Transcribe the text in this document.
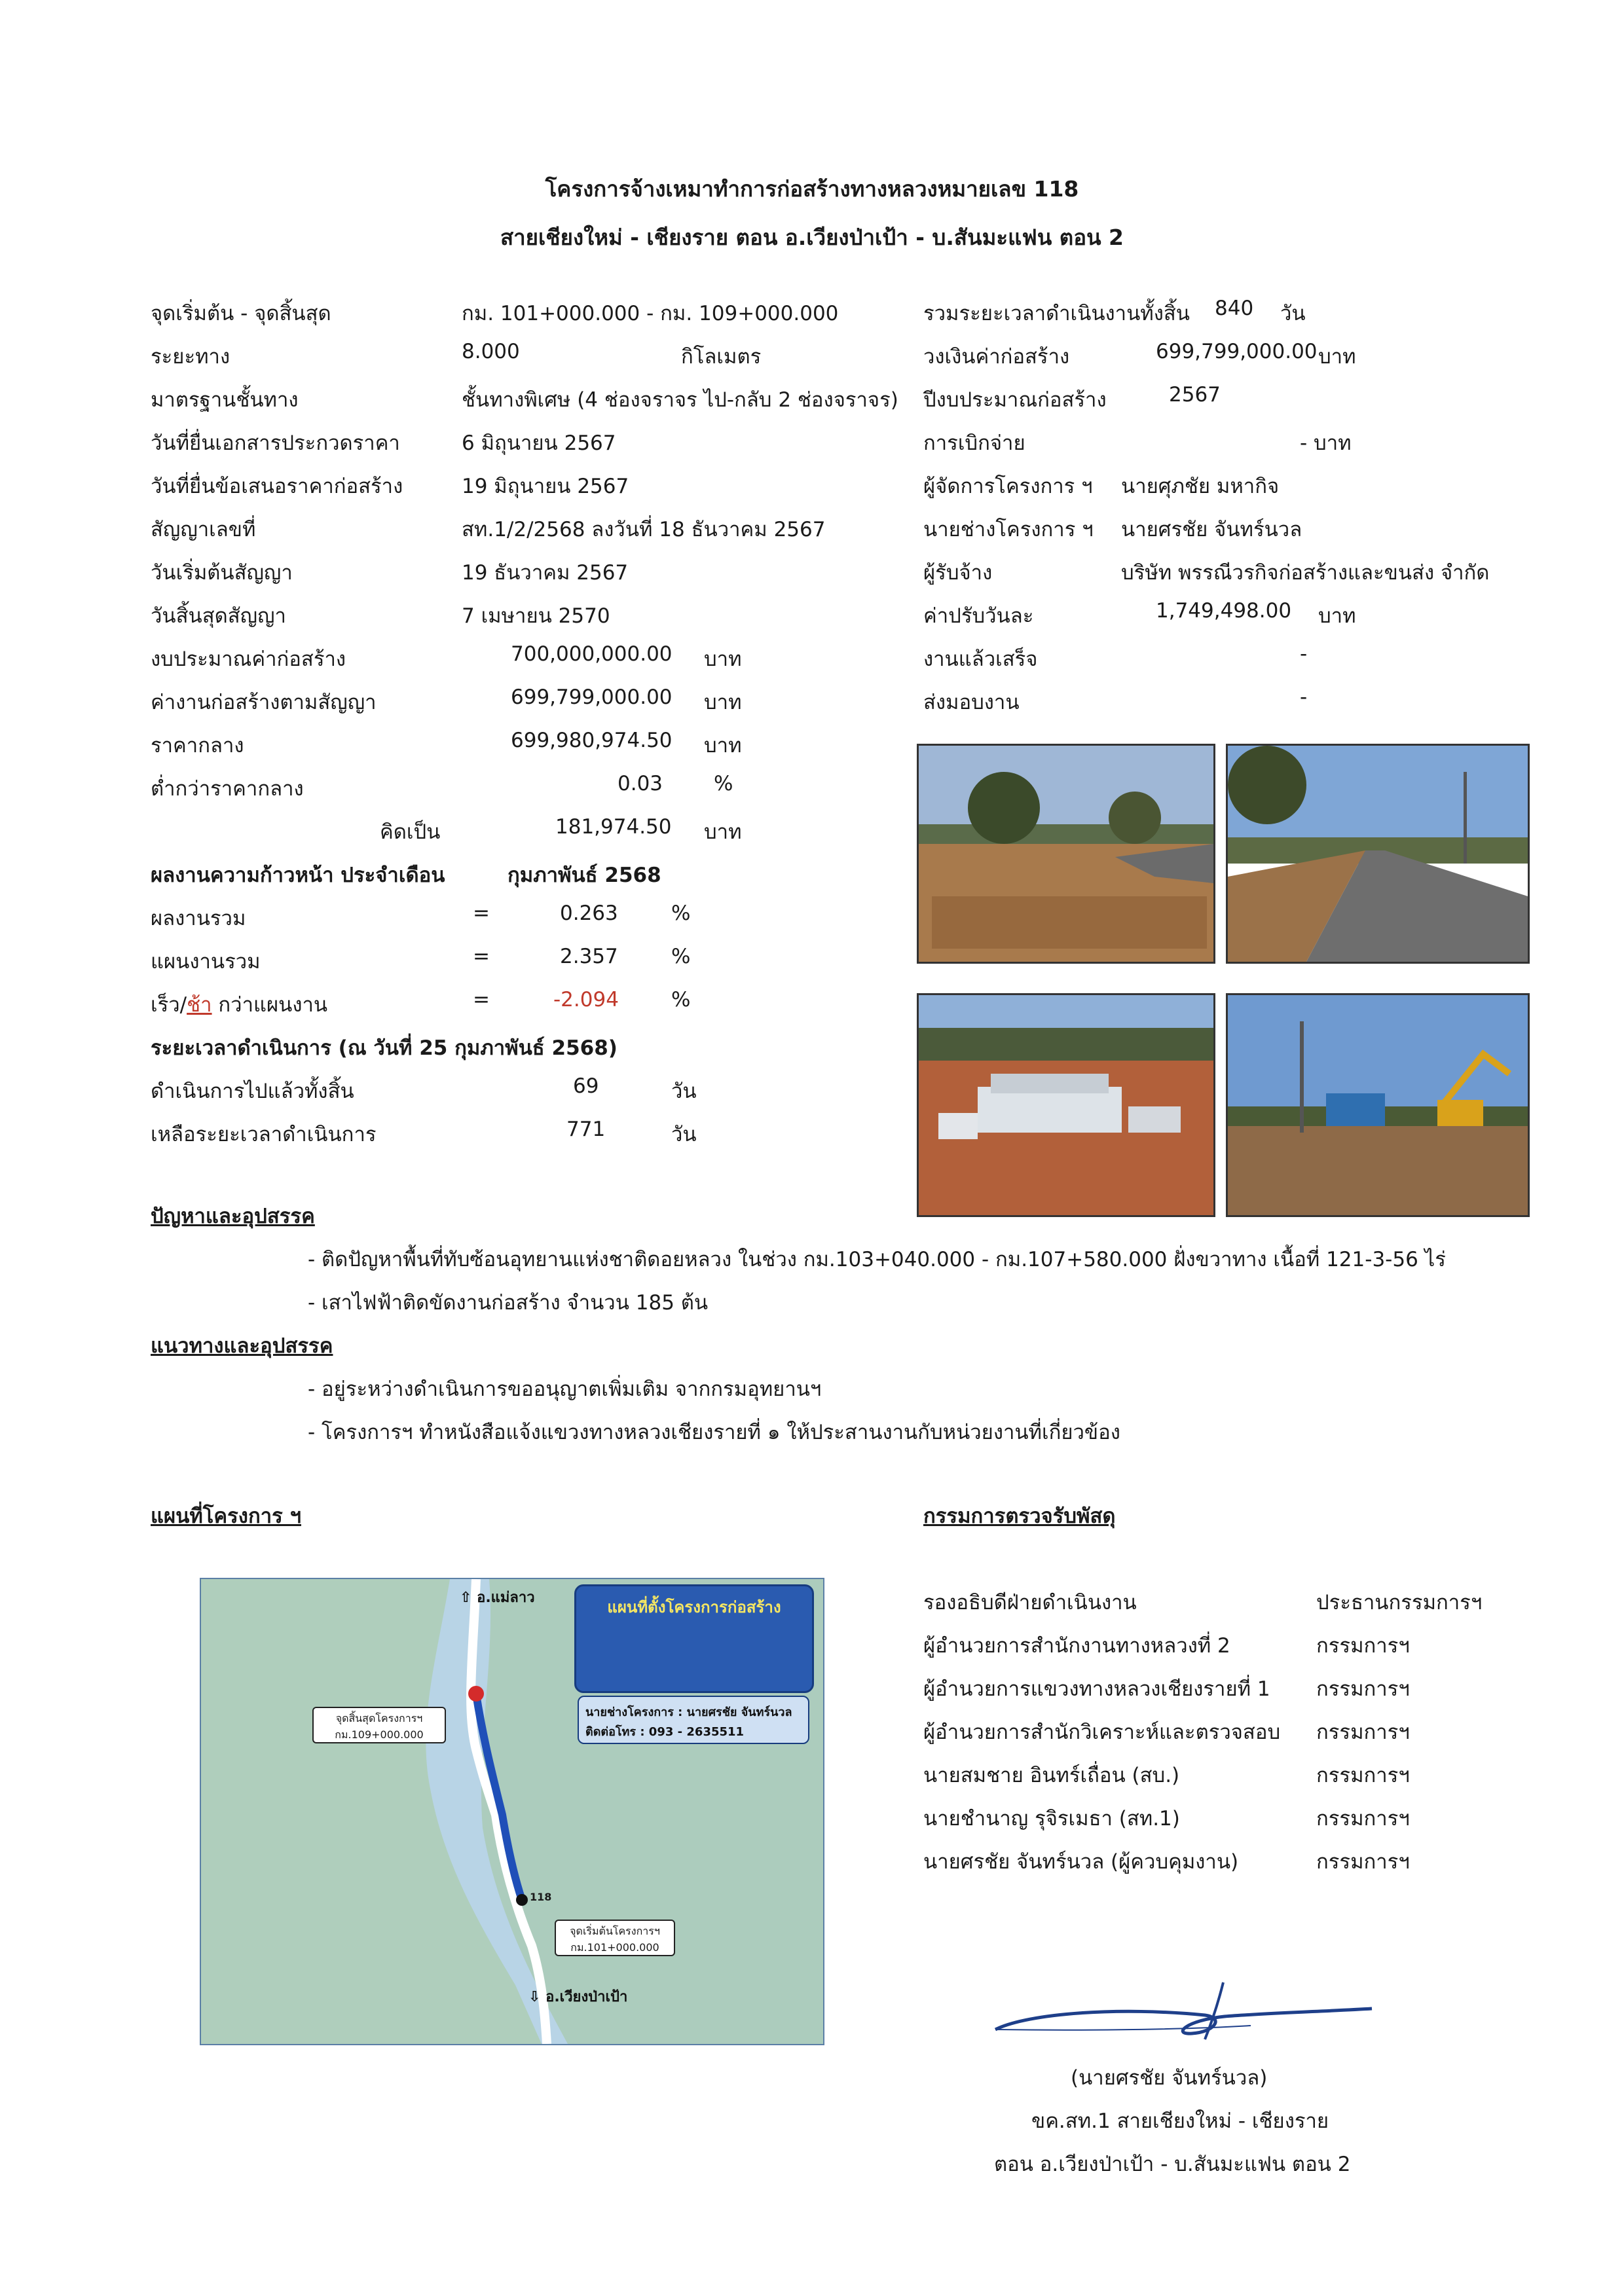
โครงการจ้างเหมาทำการก่อสร้างทางหลวงหมายเลข 118
สายเชียงใหม่ - เชียงราย ตอน อ.เวียงป่าเป้า - บ.สันมะแฟน ตอน 2
จุดเริ่มต้น - จุดสิ้นสุด	กม. 101+000.000 - กม. 109+000.000
ระยะทาง	8.000	กิโลเมตร
มาตรฐานชั้นทาง	ชั้นทางพิเศษ (4 ช่องจราจร ไป-กลับ 2 ช่องจราจร)
วันที่ยื่นเอกสารประกวดราคา	6 มิถุนายน 2567
วันที่ยื่นข้อเสนอราคาก่อสร้าง	19 มิถุนายน 2567
สัญญาเลขที่	สท.1/2/2568 ลงวันที่ 18 ธันวาคม 2567
วันเริ่มต้นสัญญา	19 ธันวาคม 2567
วันสิ้นสุดสัญญา	7 เมษายน 2570
งบประมาณค่าก่อสร้าง	700,000,000.00 บาท
ค่างานก่อสร้างตามสัญญา	699,799,000.00 บาท
ราคากลาง	699,980,974.50 บาท
ต่ำกว่าราคากลาง	0.03	%
คิดเป็น	181,974.50 บาท
ผลงานความก้าวหน้า ประจำเดือน	กุมภาพันธ์ 2568
ผลงานรวม	=	0.263	%
แผนงานรวม	=	2.357	%
เร็ว/ช้า กว่าแผนงาน	=	-2.094	%
ระยะเวลาดำเนินการ (ณ วันที่ 25 กุมภาพันธ์ 2568)
ดำเนินการไปแล้วทั้งสิ้น	69	วัน
เหลือระยะเวลาดำเนินการ	771	วัน
รวมระยะเวลาดำเนินงานทั้งสิ้น 840 วัน
วงเงินค่าก่อสร้าง	699,799,000.00 บาท
ปีงบประมาณก่อสร้าง	2567
การเบิกจ่าย	- บาท
ผู้จัดการโครงการ ฯ นายศุภชัย มหากิจ
นายช่างโครงการ ฯ นายศรชัย จันทร์นวล
ผู้รับจ้าง	บริษัท พรรณีวรกิจก่อสร้างและขนส่ง จำกัด
ค่าปรับวันละ	1,749,498.00 บาท
งานแล้วเสร็จ	-
ส่งมอบงาน	-
ปัญหาและอุปสรรค
- ติดปัญหาพื้นที่ทับซ้อนอุทยานแห่งชาติดอยหลวง ในช่วง กม.103+040.000 - กม.107+580.000 ฝั่งขวาทาง เนื้อที่ 121-3-56 ไร่
- เสาไฟฟ้าติดขัดงานก่อสร้าง จำนวน 185 ต้น
แนวทางและอุปสรรค
- อยู่ระหว่างดำเนินการขออนุญาตเพิ่มเติม จากกรมอุทยานฯ
- โครงการฯ ทำหนังสือแจ้งแขวงทางหลวงเชียงรายที่ ๑ ให้ประสานงานกับหน่วยงานที่เกี่ยวข้อง
แผนที่โครงการ ฯ
แผนที่ตั้งโครงการก่อสร้าง
นายช่างโครงการ : นายศรชัย จันทร์นวล
ติดต่อโทร : 093 - 2635511
⇧ อ.แม่ลาว
⇩ อ.เวียงป่าเป้า
จุดสิ้นสุดโครงการฯ
กม.109+000.000
จุดเริ่มต้นโครงการฯ
กม.101+000.000
118
กรรมการตรวจรับพัสดุ
รองอธิบดีฝ่ายดำเนินงาน	ประธานกรรมการฯ
ผู้อำนวยการสำนักงานทางหลวงที่ 2	กรรมการฯ
ผู้อำนวยการแขวงทางหลวงเชียงรายที่ 1 กรรมการฯ
ผู้อำนวยการสำนักวิเคราะห์และตรวจสอบ กรรมการฯ
นายสมชาย อินทร์เถื่อน (สบ.)	กรรมการฯ
นายชำนาญ รุจิรเมธา (สท.1)	กรรมการฯ
นายศรชัย จันทร์นวล (ผู้ควบคุมงาน)	กรรมการฯ
(นายศรชัย จันทร์นวล)
ขค.สท.1 สายเชียงใหม่ - เชียงราย
ตอน อ.เวียงป่าเป้า - บ.สันมะแฟน ตอน 2
